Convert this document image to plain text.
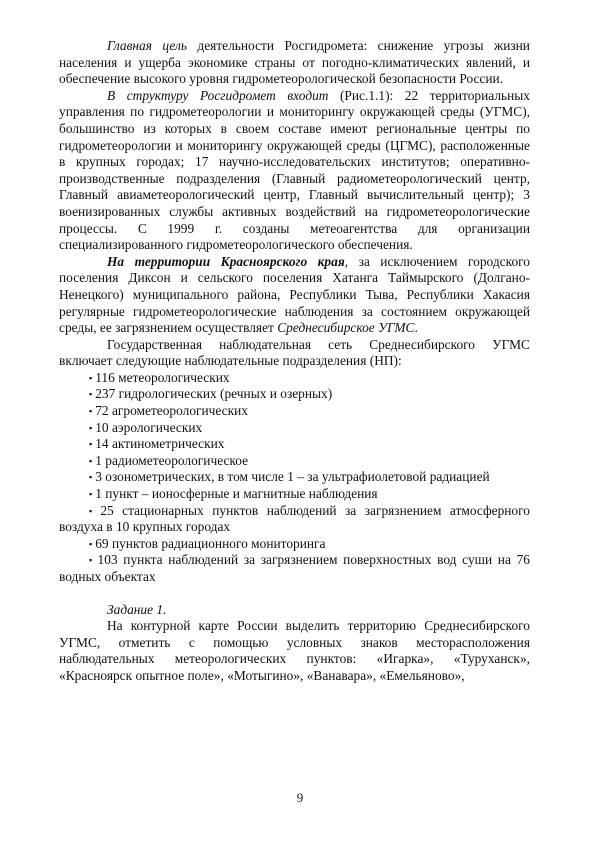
Главная цель деятельности Росгидромета: снижение угрозы жизни населения и ущерба экономике страны от погодно-климатических явлений, и обеспечение высокого уровня гидрометеорологической безопасности России.

В структуру Росгидромет входит (Рис.1.1): 22 территориальных управления по гидрометеорологии и мониторингу окружающей среды (УГМС), большинство из которых в своем составе имеют региональные центры по гидрометеорологии и мониторингу окружающей среды (ЦГМС), расположенные в крупных городах; 17 научно-исследовательских институтов; оперативно-производственные подразделения (Главный радиометеорологический центр, Главный авиаметеорологический центр, Главный вычислительный центр); 3 военизированных службы активных воздействий на гидрометеорологические процессы. С 1999 г. созданы метеоагентства для организации специализированного гидрометеорологического обеспечения.

На территории Красноярского края, за исключением городского поселения Диксон и сельского поселения Хатанга Таймырского (Долгано-Ненецкого) муниципального района, Республики Тыва, Республики Хакасия регулярные гидрометеорологические наблюдения за состоянием окружающей среды, ее загрязнением осуществляет Среднесибирское УГМС.

Государственная наблюдательная сеть Среднесибирского УГМС включает следующие наблюдательные подразделения (НП):

▪ 116 метеорологических
▪ 237 гидрологических (речных и озерных)
▪ 72 агрометеорологических
▪ 10 аэрологических
▪ 14 актинометрических
▪ 1 радиометеорологическое
▪ 3 озонометрических, в том числе 1 – за ультрафиолетовой радиацией
▪ 1 пункт – ионосферные и магнитные наблюдения
▪ 25 стационарных пунктов наблюдений за загрязнением атмосферного воздуха в 10 крупных городах
▪ 69 пунктов радиационного мониторинга
▪ 103 пункта наблюдений за загрязнением поверхностных вод суши на 76 водных объектах

Задание 1.

На контурной карте России выделить территорию Среднесибирского УГМС, отметить с помощью условных знаков месторасположения наблюдательных метеорологических пунктов: «Игарка», «Туруханск», «Красноярск опытное поле», «Мотыгино», «Ванавара», «Емельяново»,

9
